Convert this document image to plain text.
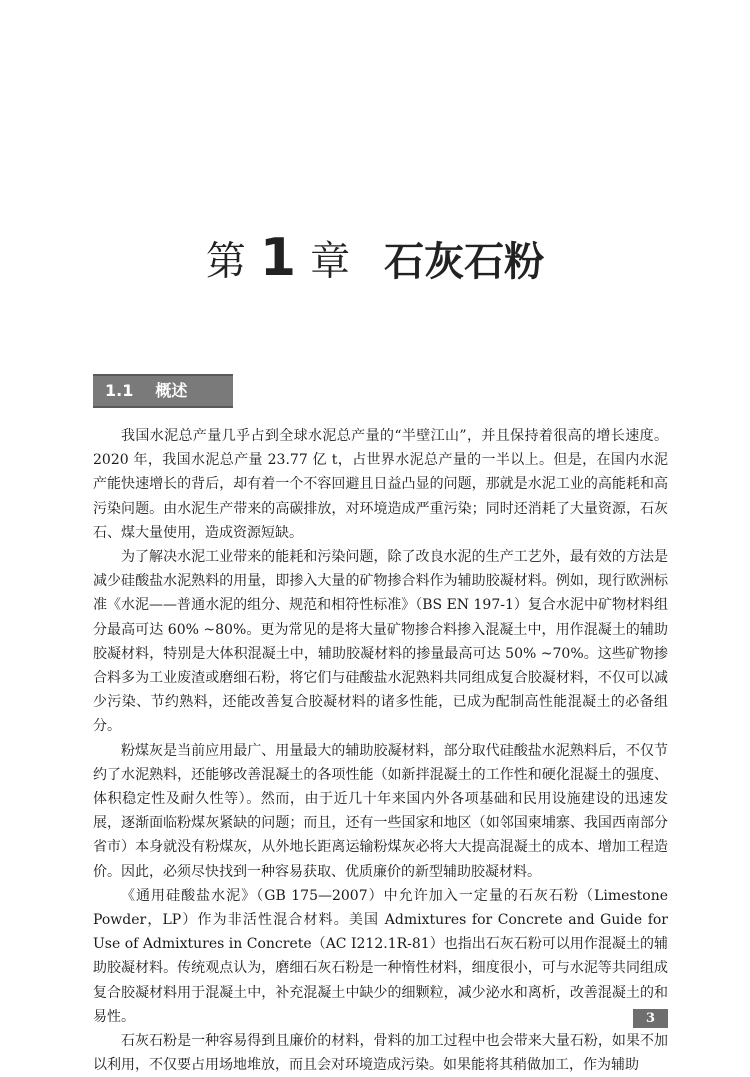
第 1 章 石灰石粉
1.1 概述

我国水泥总产量几乎占到全球水泥总产量的“半壁江山”，并且保持着很高的增长速度。2020 年，我国水泥总产量 23.77 亿 t，占世界水泥总产量的一半以上。但是，在国内水泥产能快速增长的背后，却有着一个不容回避且日益凸显的问题，那就是水泥工业的高能耗和高污染问题。由水泥生产带来的高碳排放，对环境造成严重污染；同时还消耗了大量资源，石灰石、煤大量使用，造成资源短缺。

为了解决水泥工业带来的能耗和污染问题，除了改良水泥的生产工艺外，最有效的方法是减少硅酸盐水泥熟料的用量，即掺入大量的矿物掺合料作为辅助胶凝材料。例如，现行欧洲标准《水泥——普通水泥的组分、规范和相符性标准》（BS EN 197-1）复合水泥中矿物材料组分最高可达 60% ~80%。更为常见的是将大量矿物掺合料掺入混凝土中，用作混凝土的辅助胶凝材料，特别是大体积混凝土中，辅助胶凝材料的掺量最高可达 50% ~70%。这些矿物掺合料多为工业废渣或磨细石粉，将它们与硅酸盐水泥熟料共同组成复合胶凝材料，不仅可以减少污染、节约熟料，还能改善复合胶凝材料的诸多性能，已成为配制高性能混凝土的必备组分。

粉煤灰是当前应用最广、用量最大的辅助胶凝材料，部分取代硅酸盐水泥熟料后，不仅节约了水泥熟料，还能够改善混凝土的各项性能（如新拌混凝土的工作性和硬化混凝土的强度、体积稳定性及耐久性等）。然而，由于近几十年来国内外各项基础和民用设施建设的迅速发展，逐渐面临粉煤灰紧缺的问题；而且，还有一些国家和地区（如邻国柬埔寨、我国西南部分省市）本身就没有粉煤灰，从外地长距离运输粉煤灰必将大大提高混凝土的成本、增加工程造价。因此，必须尽快找到一种容易获取、优质廉价的新型辅助胶凝材料。

《通用硅酸盐水泥》（GB 175—2007）中允许加入一定量的石灰石粉（Limestone Powder，LP）作为非活性混合材料。美国 Admixtures for Concrete and Guide for Use of Admixtures in Concrete（AC I212.1R-81）也指出石灰石粉可以用作混凝土的辅助胶凝材料。传统观点认为，磨细石灰石粉是一种惰性材料，细度很小，可与水泥等共同组成复合胶凝材料用于混凝土中，补充混凝土中缺少的细颗粒，减少泌水和离析，改善混凝土的和易性。

石灰石粉是一种容易得到且廉价的材料，骨料的加工过程中也会带来大量石粉，如果不加以利用，不仅要占用场地堆放，而且会对环境造成污染。如果能将其稍做加工，作为辅助

3
